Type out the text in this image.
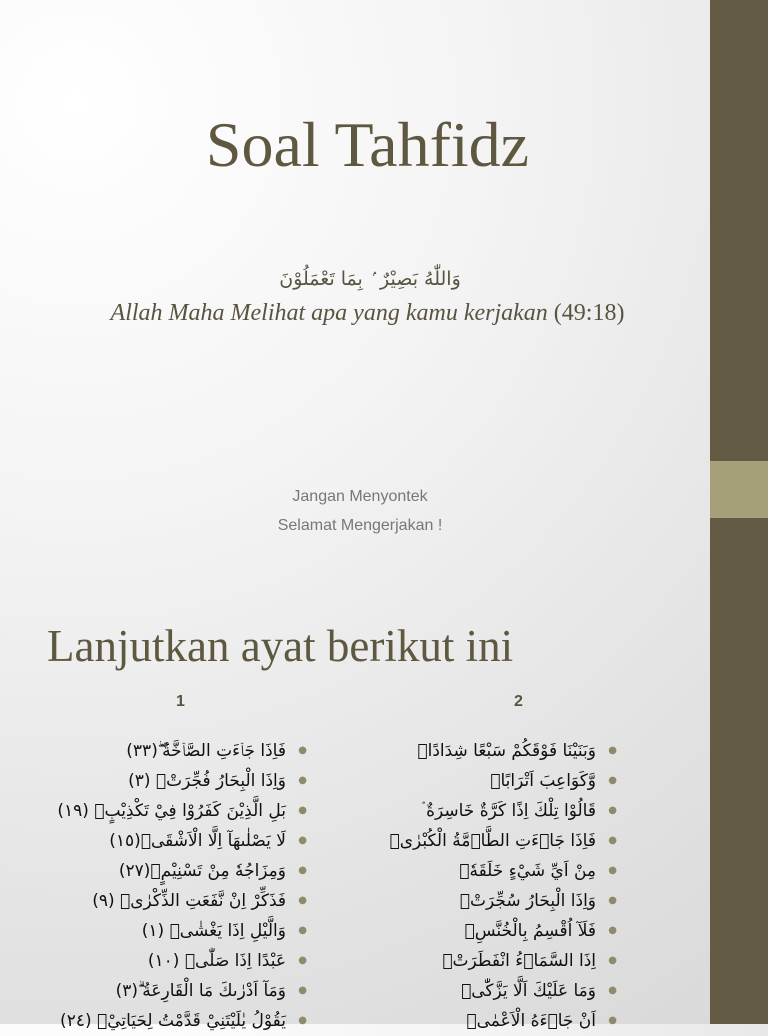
Soal Tahfidz
وَاللّٰهُ بَصِيْرٌ ۢ بِمَا تَعْمَلُوْنَ
Allah Maha Melihat apa yang kamu kerjakan (49:18)
Jangan Menyontek
Selamat Mengerjakan !
Lanjutkan ayat berikut ini
1	2
●
فَاِذَا جَاۤءَتِ الصَّاۤخَّةُ ۖ(٣٣)
●
وَاِذَا الْبِحَارُ فُجِّرَتْۙ (٣)
●
بَلِ الَّذِيْنَ كَفَرُوْا فِيْ تَكْذِيْبٍۙ (١٩)
●
لَا يَصْلٰىهَآ اِلَّا الْاَشْقَىۙ(١٥)
●
وَمِزَاجُهٗ مِنْ تَسْنِيْمٍۙ(٢٧)
●
فَذَكِّرْ اِنْ نَّفَعَتِ الذِّكْرٰىۗ (٩)
●
وَالَّيْلِ اِذَا يَغْشٰىۙ (١)
●
عَبْدًا اِذَا صَلّٰىۗ (١٠)
●
وَمَآ اَدْرٰىكَ مَا الْقَارِعَةُ ۗ(٣)
●
يَقُوْلُ يٰلَيْتَنِيْ قَدَّمْتُ لِحَيَاتِيْۚ (٢٤)
●
وَبَنَيْنَا فَوْقَكُمْ سَبْعًا شِدَادًاۙ
●
وَّكَوَاعِبَ اَتْرَابًاۙ
●
قَالُوْا تِلْكَ اِذًا كَرَّةٌ خَاسِرَةٌ ۘ
●
فَاِذَا جَاۤءَتِ الطَّاۤمَّةُ الْكُبْرٰىۖ
●
مِنْ اَيِّ شَيْءٍ خَلَقَهٗۗ
●
وَاِذَا الْبِحَارُ سُجِّرَتْۖ
●
فَلَآ اُقْسِمُ بِالْخُنَّسِۙ
●
اِذَا السَّمَاۤءُ انْفَطَرَتْۙ
●
وَمَا عَلَيْكَ اَلَّا يَزَّكّٰىۗ
●
اَنْ جَاۤءَهُ الْاَعْمٰىۗ
